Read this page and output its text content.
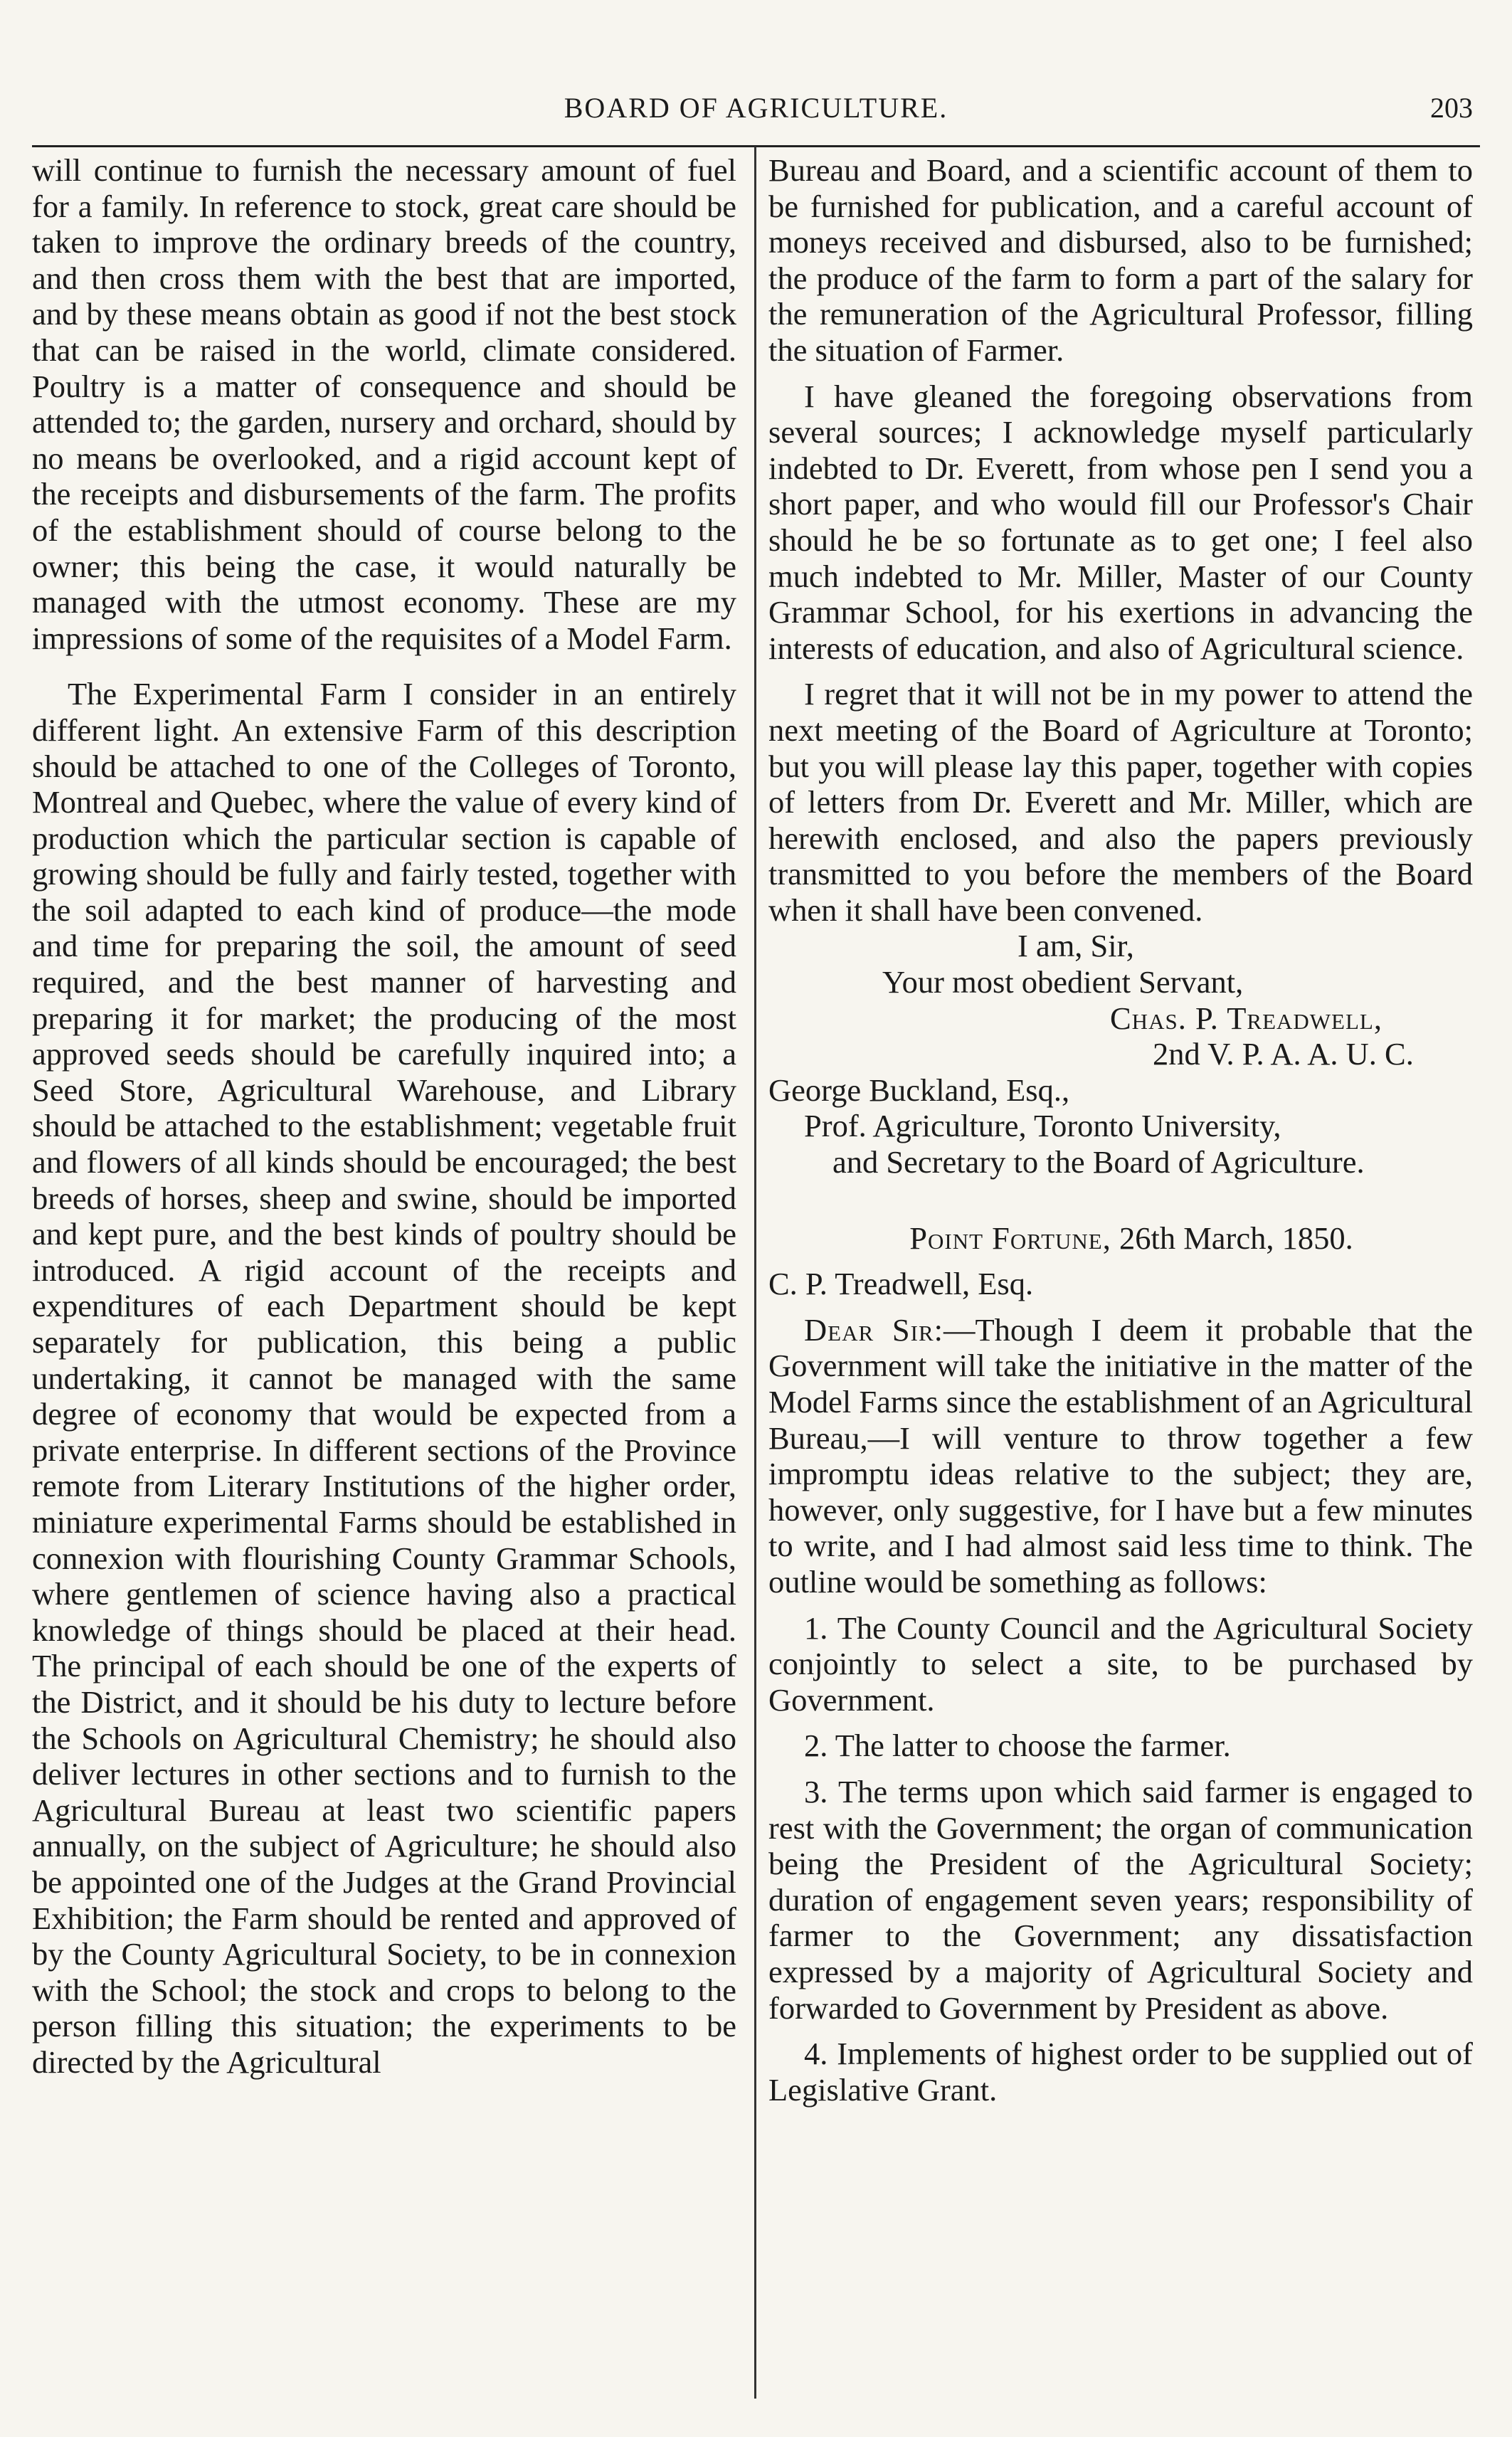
BOARD OF AGRICULTURE.	203

will continue to furnish the necessary amount of fuel for a family. In reference to stock, great care should be taken to improve the ordinary breeds of the country, and then cross them with the best that are imported, and by these means obtain as good if not the best stock that can be raised in the world, climate considered. Poultry is a matter of consequence and should be attended to; the garden, nursery and orchard, should by no means be overlooked, and a rigid account kept of the receipts and disbursements of the farm. The profits of the establishment should of course belong to the owner; this being the case, it would naturally be managed with the utmost economy. These are my impressions of some of the requisites of a Model Farm.

The Experimental Farm I consider in an entirely different light. An extensive Farm of this description should be attached to one of the Colleges of Toronto, Montreal and Quebec, where the value of every kind of production which the particular section is capable of growing should be fully and fairly tested, together with the soil adapted to each kind of produce—the mode and time for preparing the soil, the amount of seed required, and the best manner of harvesting and preparing it for market; the producing of the most approved seeds should be carefully inquired into; a Seed Store, Agricultural Warehouse, and Library should be attached to the establishment; vegetable fruit and flowers of all kinds should be encouraged; the best breeds of horses, sheep and swine, should be imported and kept pure, and the best kinds of poultry should be introduced. A rigid account of the receipts and expenditures of each Department should be kept separately for publication, this being a public undertaking, it cannot be managed with the same degree of economy that would be expected from a private enterprise. In different sections of the Province remote from Literary Institutions of the higher order, miniature experimental Farms should be established in connexion with flourishing County Grammar Schools, where gentlemen of science having also a practical knowledge of things should be placed at their head. The principal of each should be one of the experts of the District, and it should be his duty to lecture before the Schools on Agricultural Chemistry; he should also deliver lectures in other sections and to furnish to the Agricultural Bureau at least two scientific papers annually, on the subject of Agriculture; he should also be appointed one of the Judges at the Grand Provincial Exhibition; the Farm should be rented and approved of by the County Agricultural Society, to be in connexion with the School; the stock and crops to belong to the person filling this situation; the experiments to be directed by the Agricultural

Bureau and Board, and a scientific account of them to be furnished for publication, and a careful account of moneys received and disbursed, also to be furnished; the produce of the farm to form a part of the salary for the remuneration of the Agricultural Professor, filling the situation of Farmer.

I have gleaned the foregoing observations from several sources; I acknowledge myself particularly indebted to Dr. Everett, from whose pen I send you a short paper, and who would fill our Professor's Chair should he be so fortunate as to get one; I feel also much indebted to Mr. Miller, Master of our County Grammar School, for his exertions in advancing the interests of education, and also of Agricultural science.

I regret that it will not be in my power to attend the next meeting of the Board of Agriculture at Toronto; but you will please lay this paper, together with copies of letters from Dr. Everett and Mr. Miller, which are herewith enclosed, and also the papers previously transmitted to you before the members of the Board when it shall have been convened.

I am, Sir,
Your most obedient Servant,
Chas. P. Treadwell,
2nd V. P. A. A. U. C.
George Buckland, Esq.,
Prof. Agriculture, Toronto University,
and Secretary to the Board of Agriculture.
Point Fortune, 26th March, 1850.
C. P. Treadwell, Esq.

Dear Sir:—Though I deem it probable that the Government will take the initiative in the matter of the Model Farms since the establishment of an Agricultural Bureau,—I will venture to throw together a few impromptu ideas relative to the subject; they are, however, only suggestive, for I have but a few minutes to write, and I had almost said less time to think. The outline would be something as follows:

1. The County Council and the Agricultural Society conjointly to select a site, to be purchased by Government.

2. The latter to choose the farmer.

3. The terms upon which said farmer is engaged to rest with the Government; the organ of communication being the President of the Agricultural Society; duration of engagement seven years; responsibility of farmer to the Government; any dissatisfaction expressed by a majority of Agricultural Society and forwarded to Government by President as above.

4. Implements of highest order to be supplied out of Legislative Grant.
